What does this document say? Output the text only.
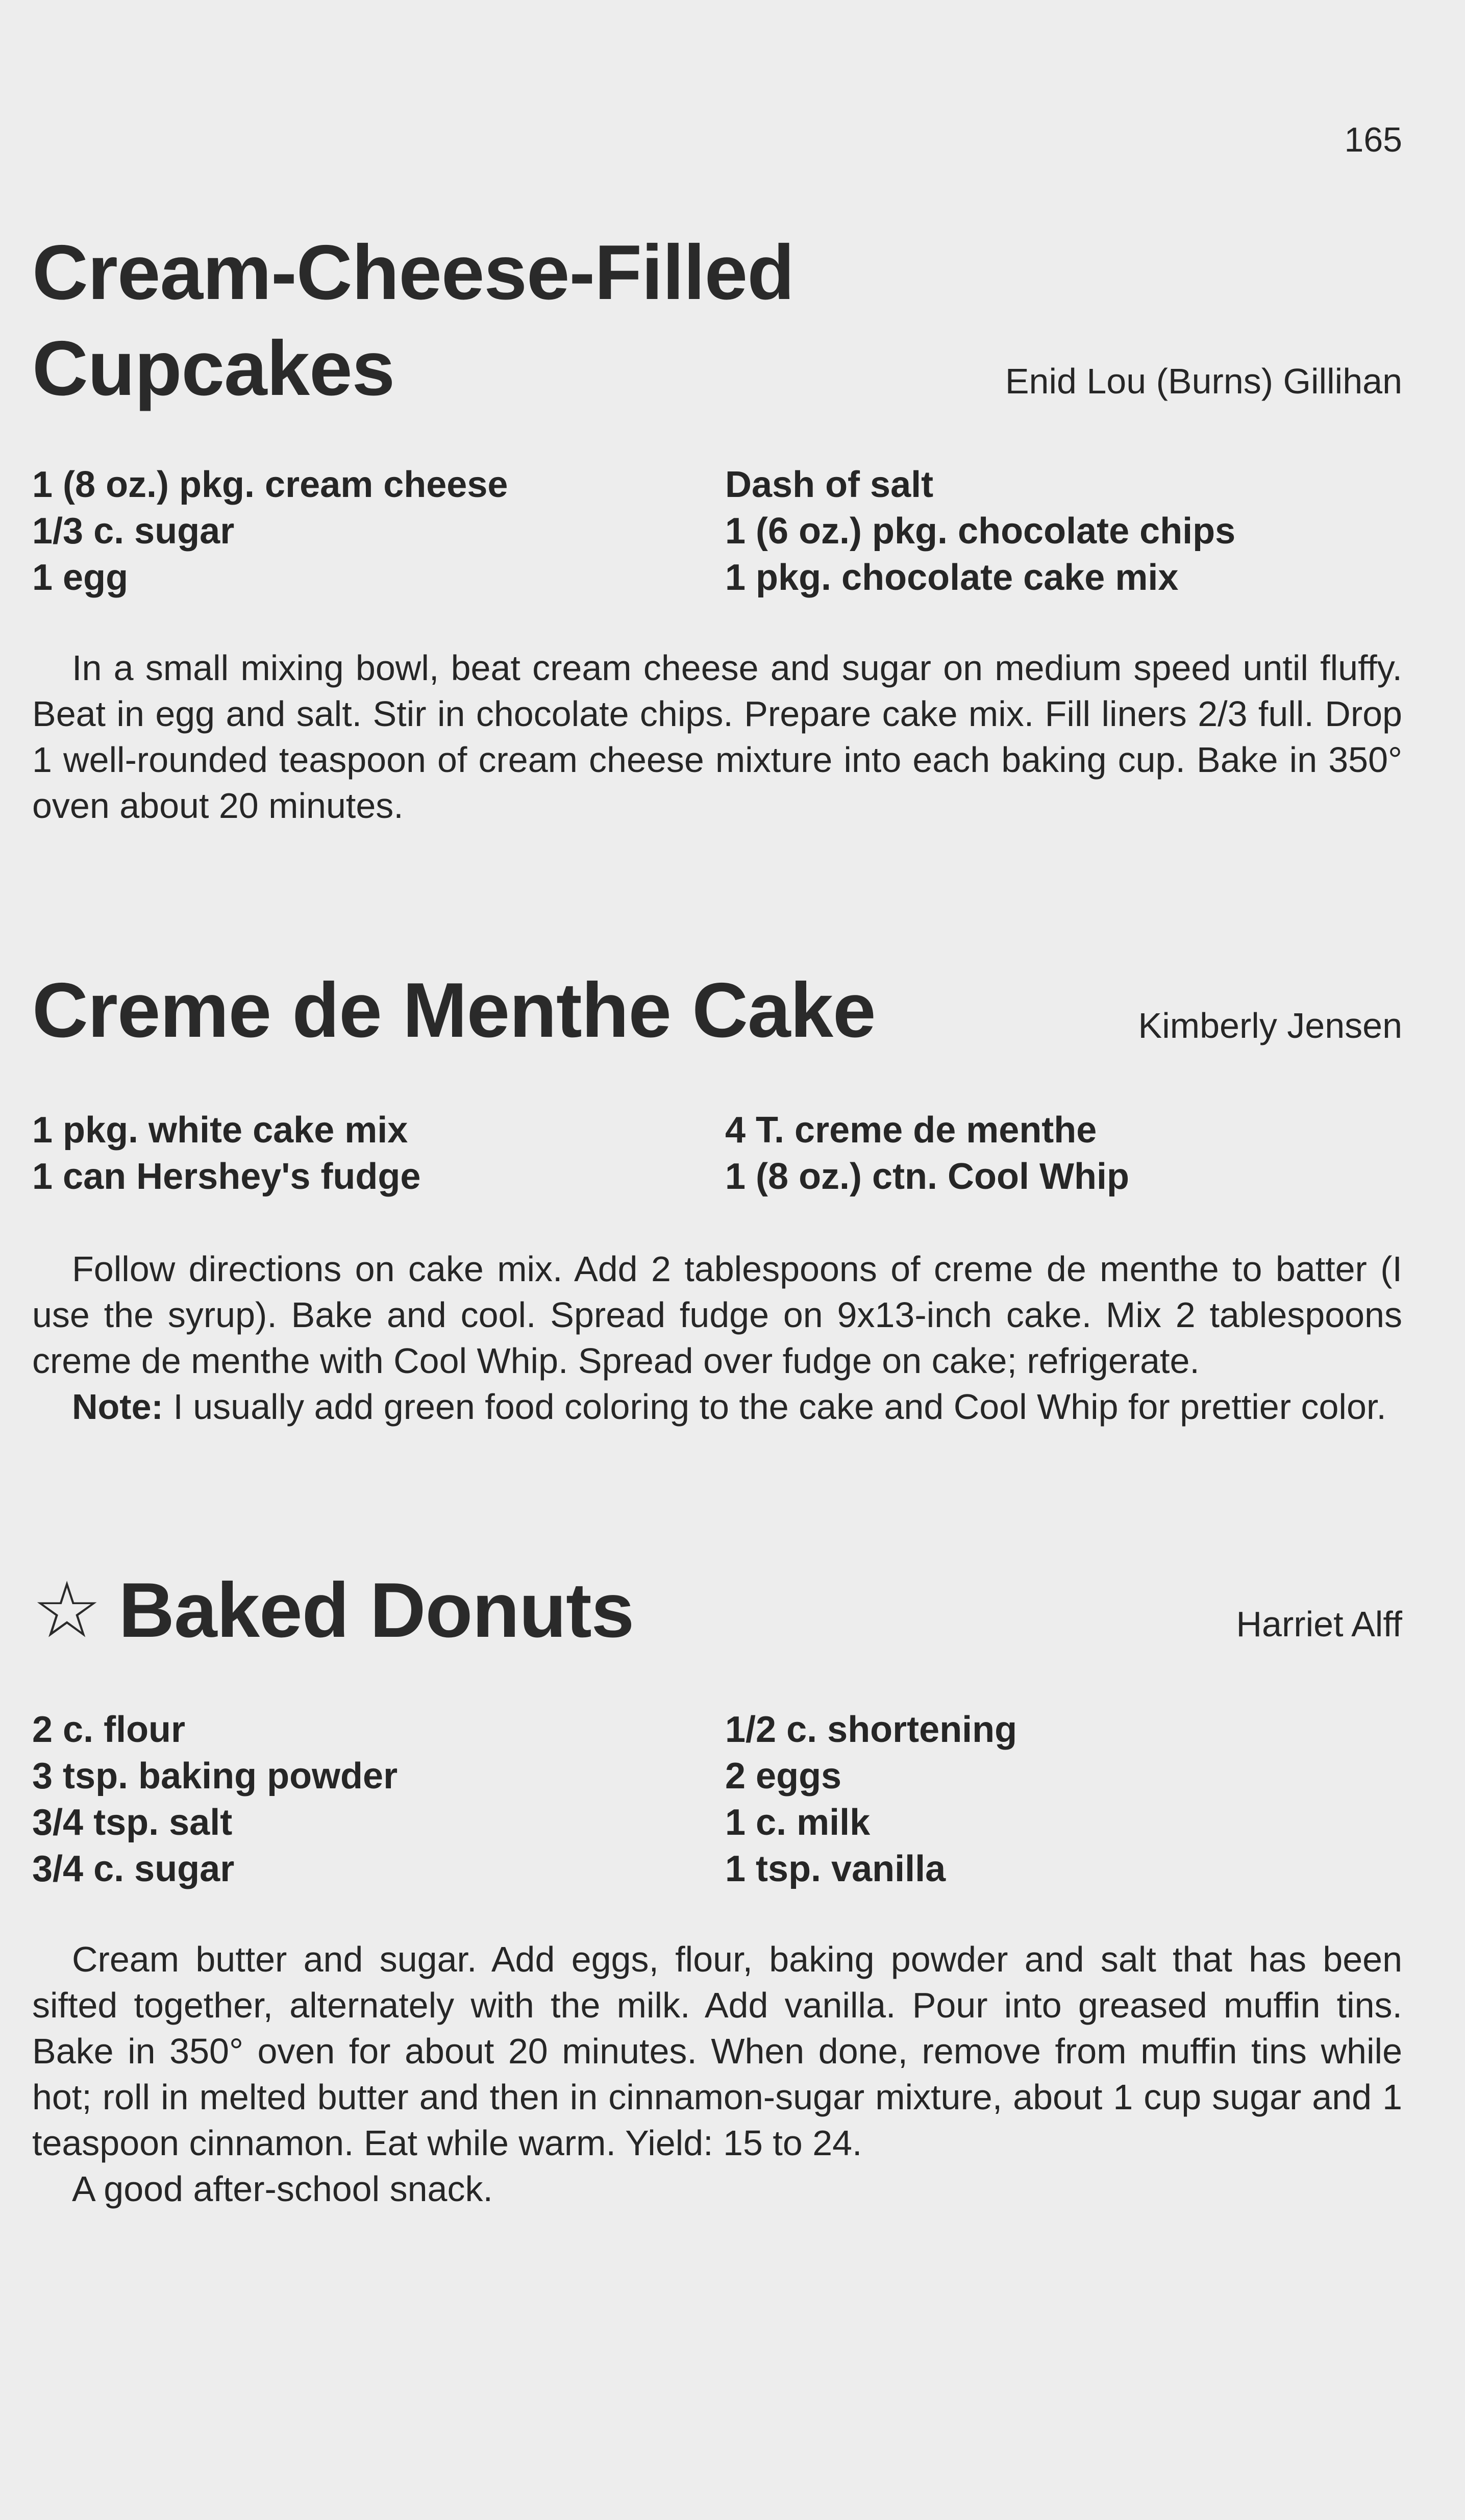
165
Cream-Cheese-Filled
Cupcakes	Enid Lou (Burns) Gillihan
1 (8 oz.) pkg. cream cheese
1/3 c. sugar
1 egg
Dash of salt
1 (6 oz.) pkg. chocolate chips
1 pkg. chocolate cake mix

In a small mixing bowl, beat cream cheese and sugar on medium speed until fluffy. Beat in egg and salt. Stir in chocolate chips. Prepare cake mix. Fill liners 2/3 full. Drop 1 well-rounded teaspoon of cream cheese mixture into each baking cup. Bake in 350° oven about 20 minutes.

Creme de Menthe Cake	Kimberly Jensen
1 pkg. white cake mix
1 can Hershey's fudge
4 T. creme de menthe
1 (8 oz.) ctn. Cool Whip

Follow directions on cake mix. Add 2 tablespoons of creme de menthe to batter (I use the syrup). Bake and cool. Spread fudge on 9x13-inch cake. Mix 2 tablespoons creme de menthe with Cool Whip. Spread over fudge on cake; refrigerate.

Note: I usually add green food coloring to the cake and Cool Whip for prettier color.

☆ Baked Donuts	Harriet Alff
2 c. flour
3 tsp. baking powder
3/4 tsp. salt
3/4 c. sugar
1/2 c. shortening
2 eggs
1 c. milk
1 tsp. vanilla

Cream butter and sugar. Add eggs, flour, baking powder and salt that has been sifted together, alternately with the milk. Add vanilla. Pour into greased muffin tins. Bake in 350° oven for about 20 minutes. When done, remove from muffin tins while hot; roll in melted butter and then in cinnamon-sugar mixture, about 1 cup sugar and 1 teaspoon cinnamon. Eat while warm. Yield: 15 to 24.

A good after-school snack.
